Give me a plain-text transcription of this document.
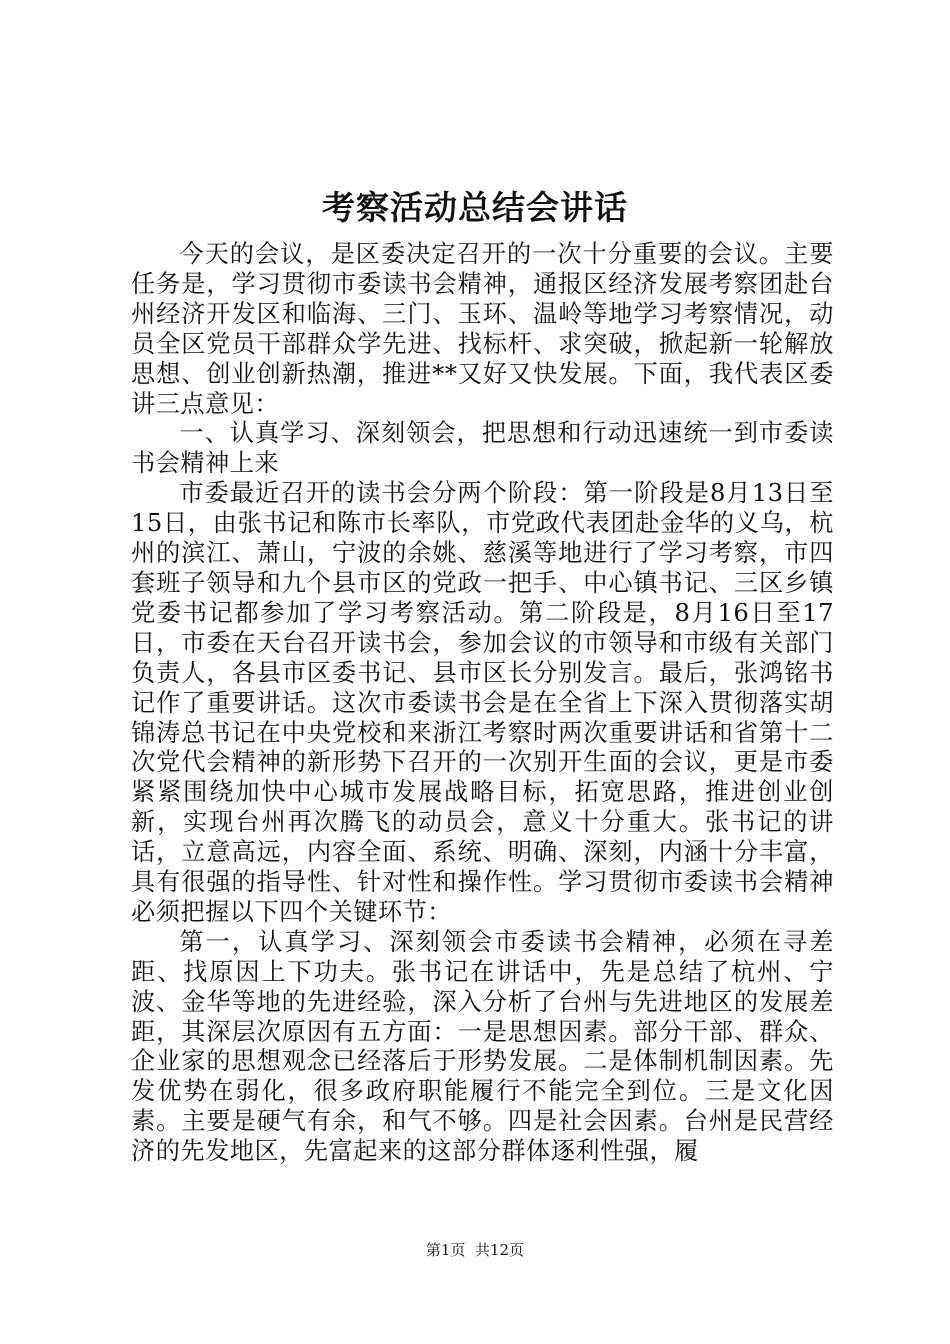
考察活动总结会讲话

今天的会议，是区委决定召开的一次十分重要的会议。主要任务是，学习贯彻市委读书会精神，通报区经济发展考察团赴台州经济开发区和临海、三门、玉环、温岭等地学习考察情况，动员全区党员干部群众学先进、找标杆、求突破，掀起新一轮解放思想、创业创新热潮，推进**又好又快发展。下面，我代表区委讲三点意见：

一、认真学习、深刻领会，把思想和行动迅速统一到市委读书会精神上来

市委最近召开的读书会分两个阶段：第一阶段是8月13日至15日，由张书记和陈市长率队，市党政代表团赴金华的义乌，杭州的滨江、萧山，宁波的余姚、慈溪等地进行了学习考察，市四套班子领导和九个县市区的党政一把手、中心镇书记、三区乡镇党委书记都参加了学习考察活动。第二阶段是，8月16日至17日，市委在天台召开读书会，参加会议的市领导和市级有关部门负责人，各县市区委书记、县市区长分别发言。最后，张鸿铭书记作了重要讲话。这次市委读书会是在全省上下深入贯彻落实胡锦涛总书记在中央党校和来浙江考察时两次重要讲话和省第十二次党代会精神的新形势下召开的一次别开生面的会议，更是市委紧紧围绕加快中心城市发展战略目标，拓宽思路，推进创业创新，实现台州再次腾飞的动员会，意义十分重大。张书记的讲话，立意高远，内容全面、系统、明确、深刻，内涵十分丰富，具有很强的指导性、针对性和操作性。学习贯彻市委读书会精神必须把握以下四个关键环节：

第一，认真学习、深刻领会市委读书会精神，必须在寻差距、找原因上下功夫。张书记在讲话中，先是总结了杭州、宁波、金华等地的先进经验，深入分析了台州与先进地区的发展差距，其深层次原因有五方面：一是思想因素。部分干部、群众、企业家的思想观念已经落后于形势发展。二是体制机制因素。先发优势在弱化，很多政府职能履行不能完全到位。三是文化因素。主要是硬气有余，和气不够。四是社会因素。台州是民营经济的先发地区，先富起来的这部分群体逐利性强，履

第1页  共12页
